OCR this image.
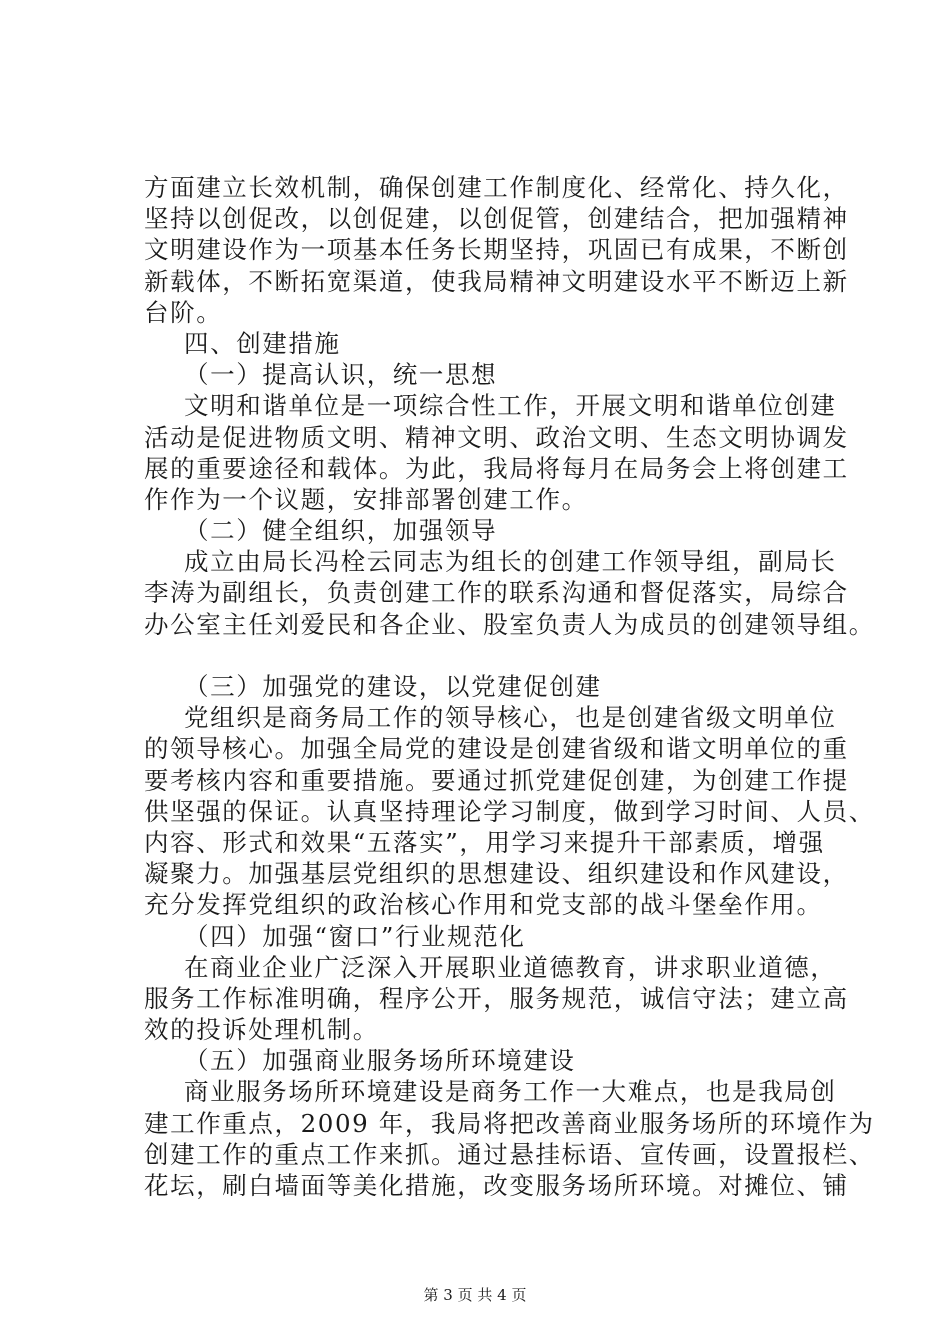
方面建立长效机制，确保创建工作制度化、经常化、持久化，
坚持以创促改，以创促建，以创促管，创建结合，把加强精神
文明建设作为一项基本任务长期坚持，巩固已有成果，不断创
新载体，不断拓宽渠道，使我局精神文明建设水平不断迈上新
台阶。
四、创建措施
（一）提高认识，统一思想
文明和谐单位是一项综合性工作，开展文明和谐单位创建
活动是促进物质文明、精神文明、政治文明、生态文明协调发
展的重要途径和载体。为此，我局将每月在局务会上将创建工
作作为一个议题，安排部署创建工作。
（二）健全组织，加强领导
成立由局长冯栓云同志为组长的创建工作领导组，副局长
李涛为副组长，负责创建工作的联系沟通和督促落实，局综合
办公室主任刘爱民和各企业、股室负责人为成员的创建领导组。
（三）加强党的建设，以党建促创建
党组织是商务局工作的领导核心，也是创建省级文明单位
的领导核心。加强全局党的建设是创建省级和谐文明单位的重
要考核内容和重要措施。要通过抓党建促创建，为创建工作提
供坚强的保证。认真坚持理论学习制度，做到学习时间、人员、
内容、形式和效果“五落实”，用学习来提升干部素质，增强
凝聚力。加强基层党组织的思想建设、组织建设和作风建设，
充分发挥党组织的政治核心作用和党支部的战斗堡垒作用。
（四）加强“窗口”行业规范化
在商业企业广泛深入开展职业道德教育，讲求职业道德，
服务工作标准明确，程序公开，服务规范，诚信守法；建立高
效的投诉处理机制。
（五）加强商业服务场所环境建设
商业服务场所环境建设是商务工作一大难点，也是我局创
建工作重点，2009 年，我局将把改善商业服务场所的环境作为
创建工作的重点工作来抓。通过悬挂标语、宣传画，设置报栏、
花坛，刷白墙面等美化措施，改变服务场所环境。对摊位、铺
第 3 页 共 4 页
